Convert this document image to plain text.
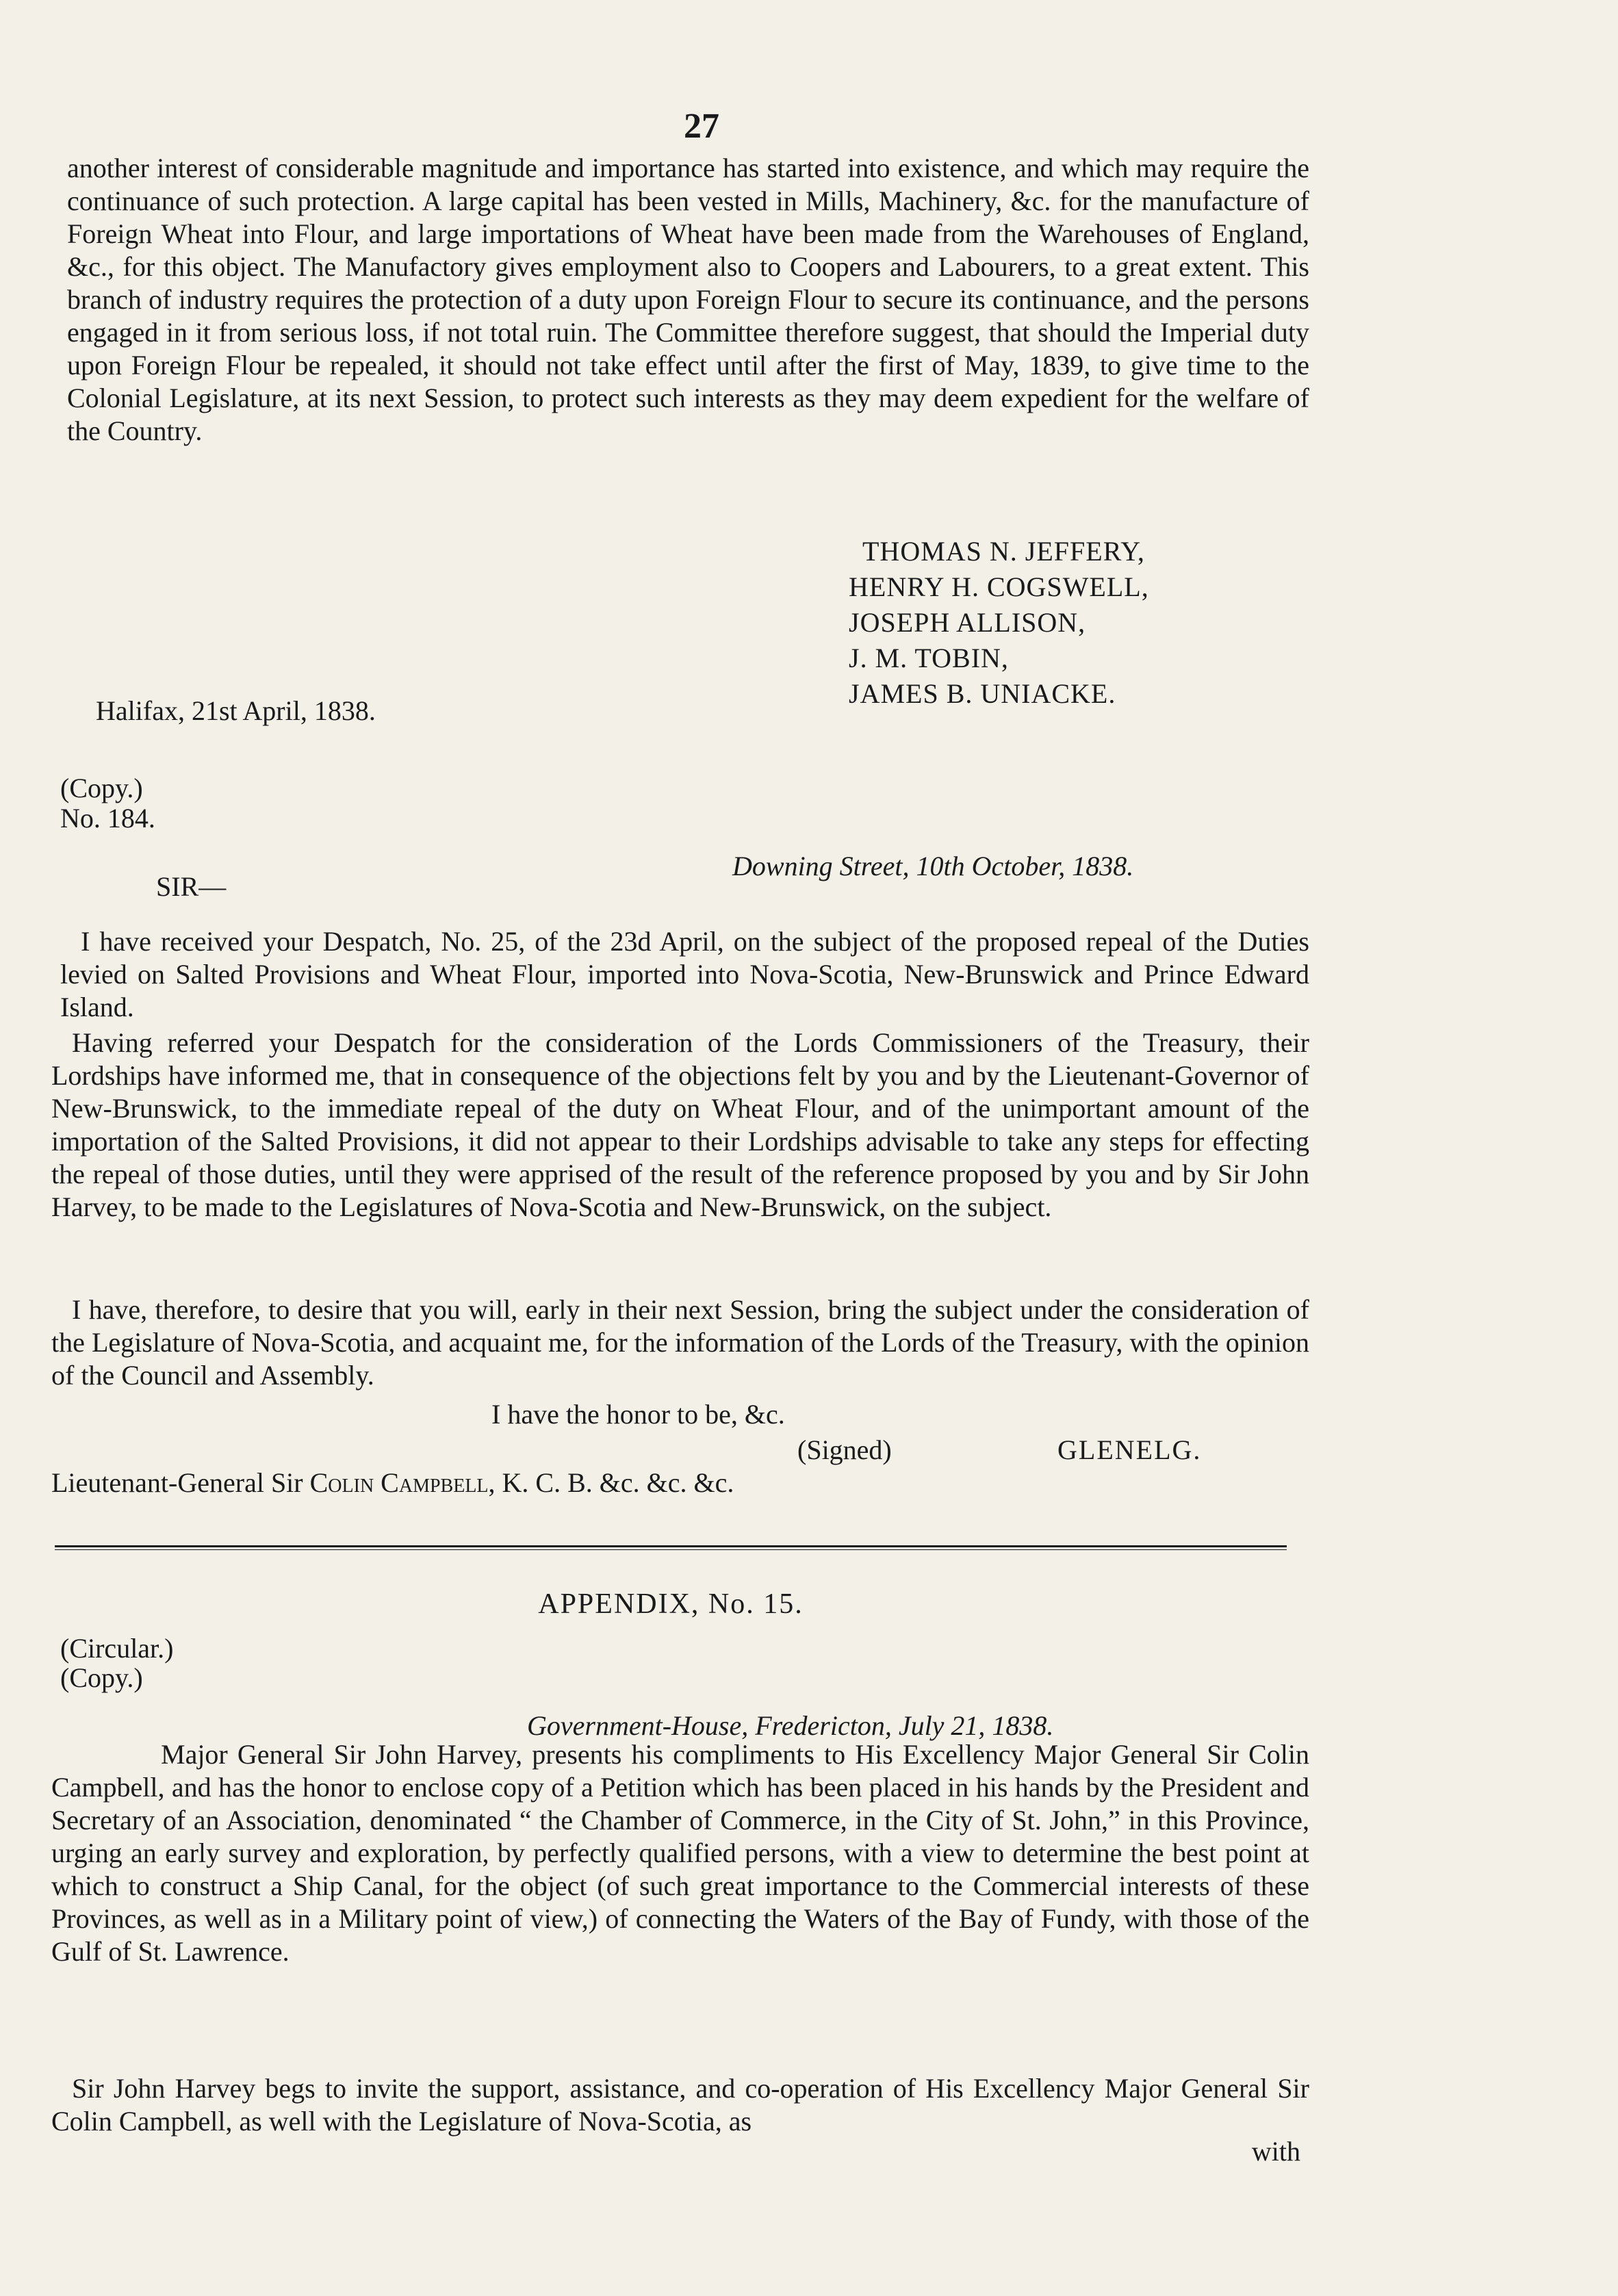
27
another interest of considerable magnitude and importance has started into existence, and which may require the continuance of such protection. A large capital has been vested in Mills, Machinery, &c. for the manufacture of Foreign Wheat into Flour, and large importations of Wheat have been made from the Warehouses of England, &c., for this object. The Manufactory gives employment also to Coopers and Labourers, to a great extent. This branch of industry requires the protection of a duty upon Foreign Flour to secure its continuance, and the persons engaged in it from serious loss, if not total ruin. The Committee therefore suggest, that should the Imperial duty upon Foreign Flour be repealed, it should not take effect until after the first of May, 1839, to give time to the Colonial Legislature, at its next Session, to protect such interests as they may deem expedient for the welfare of the Country.
THOMAS N. JEFFERY,
HENRY H. COGSWELL,
JOSEPH ALLISON,
J. M. TOBIN,
JAMES B. UNIACKE.
Halifax, 21st April, 1838.
(Copy.)
No. 184.
Downing Street, 10th October, 1838.
SIR—
I have received your Despatch, No. 25, of the 23d April, on the subject of the proposed repeal of the Duties levied on Salted Provisions and Wheat Flour, imported into Nova-Scotia, New-Brunswick and Prince Edward Island.
Having referred your Despatch for the consideration of the Lords Commissioners of the Treasury, their Lordships have informed me, that in consequence of the objections felt by you and by the Lieutenant-Governor of New-Brunswick, to the immediate repeal of the duty on Wheat Flour, and of the unimportant amount of the importation of the Salted Provisions, it did not appear to their Lordships advisable to take any steps for effecting the repeal of those duties, until they were apprised of the result of the reference proposed by you and by Sir John Harvey, to be made to the Legislatures of Nova-Scotia and New-Brunswick, on the subject.
I have, therefore, to desire that you will, early in their next Session, bring the subject under the consideration of the Legislature of Nova-Scotia, and acquaint me, for the information of the Lords of the Treasury, with the opinion of the Council and Assembly.
I have the honor to be, &c.
(Signed)	GLENELG.
Lieutenant-General Sir Colin Campbell, K. C. B. &c. &c. &c.
APPENDIX, No. 15.
(Circular.)
(Copy.)
Government-House, Fredericton, July 21, 1838.
Major General Sir John Harvey, presents his compliments to His Excellency Major General Sir Colin Campbell, and has the honor to enclose copy of a Petition which has been placed in his hands by the President and Secretary of an Association, denominated “ the Chamber of Commerce, in the City of St. John,” in this Province, urging an early survey and exploration, by perfectly qualified persons, with a view to determine the best point at which to construct a Ship Canal, for the object (of such great importance to the Commercial interests of these Provinces, as well as in a Military point of view,) of connecting the Waters of the Bay of Fundy, with those of the Gulf of St. Lawrence.
Sir John Harvey begs to invite the support, assistance, and co-operation of His Excellency Major General Sir Colin Campbell, as well with the Legislature of Nova-Scotia, as
with
